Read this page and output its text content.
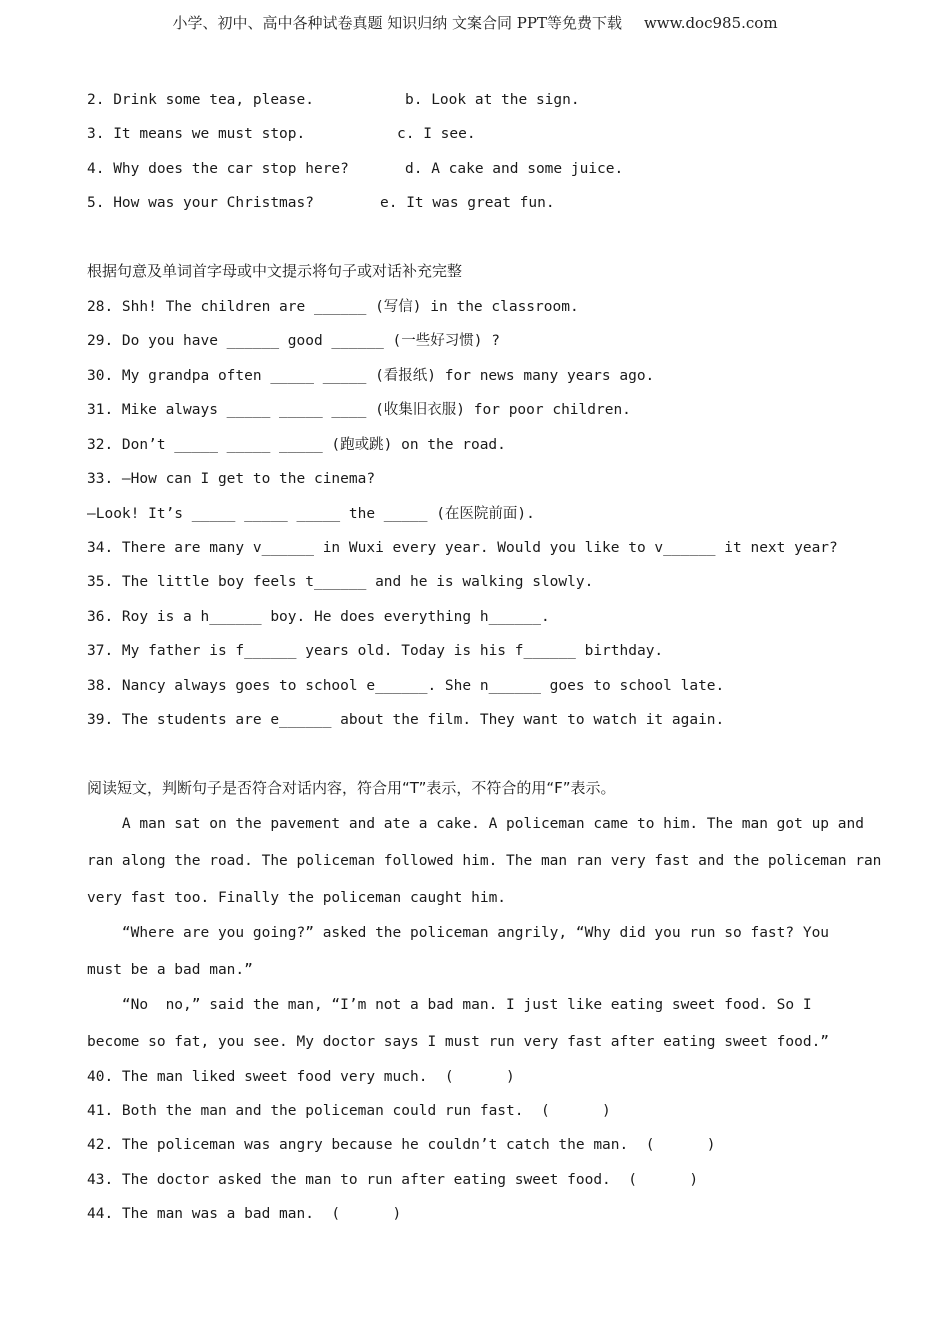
小学、初中、高中各种试卷真题 知识归纳 文案合同 PPT等免费下载 www.doc985.com
2. Drink some tea, please.	b. Look at the sign.
3. It means we must stop.	c. I see.
4. Why does the car stop here?	d. A cake and some juice.
5. How was your Christmas?	e. It was great fun.
根据句意及单词首字母或中文提示将句子或对话补充完整
28. Shh! The children are ______ (写信) in the classroom.
29. Do you have ______ good ______ (一些好习惯) ?
30. My grandpa often _____ _____ (看报纸) for news many years ago.
31. Mike always _____ _____ ____ (收集旧衣服) for poor children.
32. Don’t _____ _____ _____ (跑或跳) on the road.
33. —How can I get to the cinema?
—Look! It’s _____ _____ _____ the _____ (在医院前面).
34. There are many v______ in Wuxi every year. Would you like to v______ it next year?
35. The little boy feels t______ and he is walking slowly.
36. Roy is a h______ boy. He does everything h______.
37. My father is f______ years old. Today is his f______ birthday.
38. Nancy always goes to school e______. She n______ goes to school late.
39. The students are e______ about the film. They want to watch it again.
阅读短文，判断句子是否符合对话内容，符合用“T”表示，不符合的用“F”表示。
A man sat on the pavement and ate a cake. A policeman came to him. The man got up and
ran along the road. The policeman followed him. The man ran very fast and the policeman ran
very fast too. Finally the policeman caught him.
“Where are you going?” asked the policeman angrily, “Why did you run so fast? You
must be a bad man.”
“No  no,” said the man, “I’m not a bad man. I just like eating sweet food. So I
become so fat, you see. My doctor says I must run very fast after eating sweet food.”
40. The man liked sweet food very much.  (      )
41. Both the man and the policeman could run fast.  (      )
42. The policeman was angry because he couldn’t catch the man.  (      )
43. The doctor asked the man to run after eating sweet food.  (      )
44. The man was a bad man.  (      )
